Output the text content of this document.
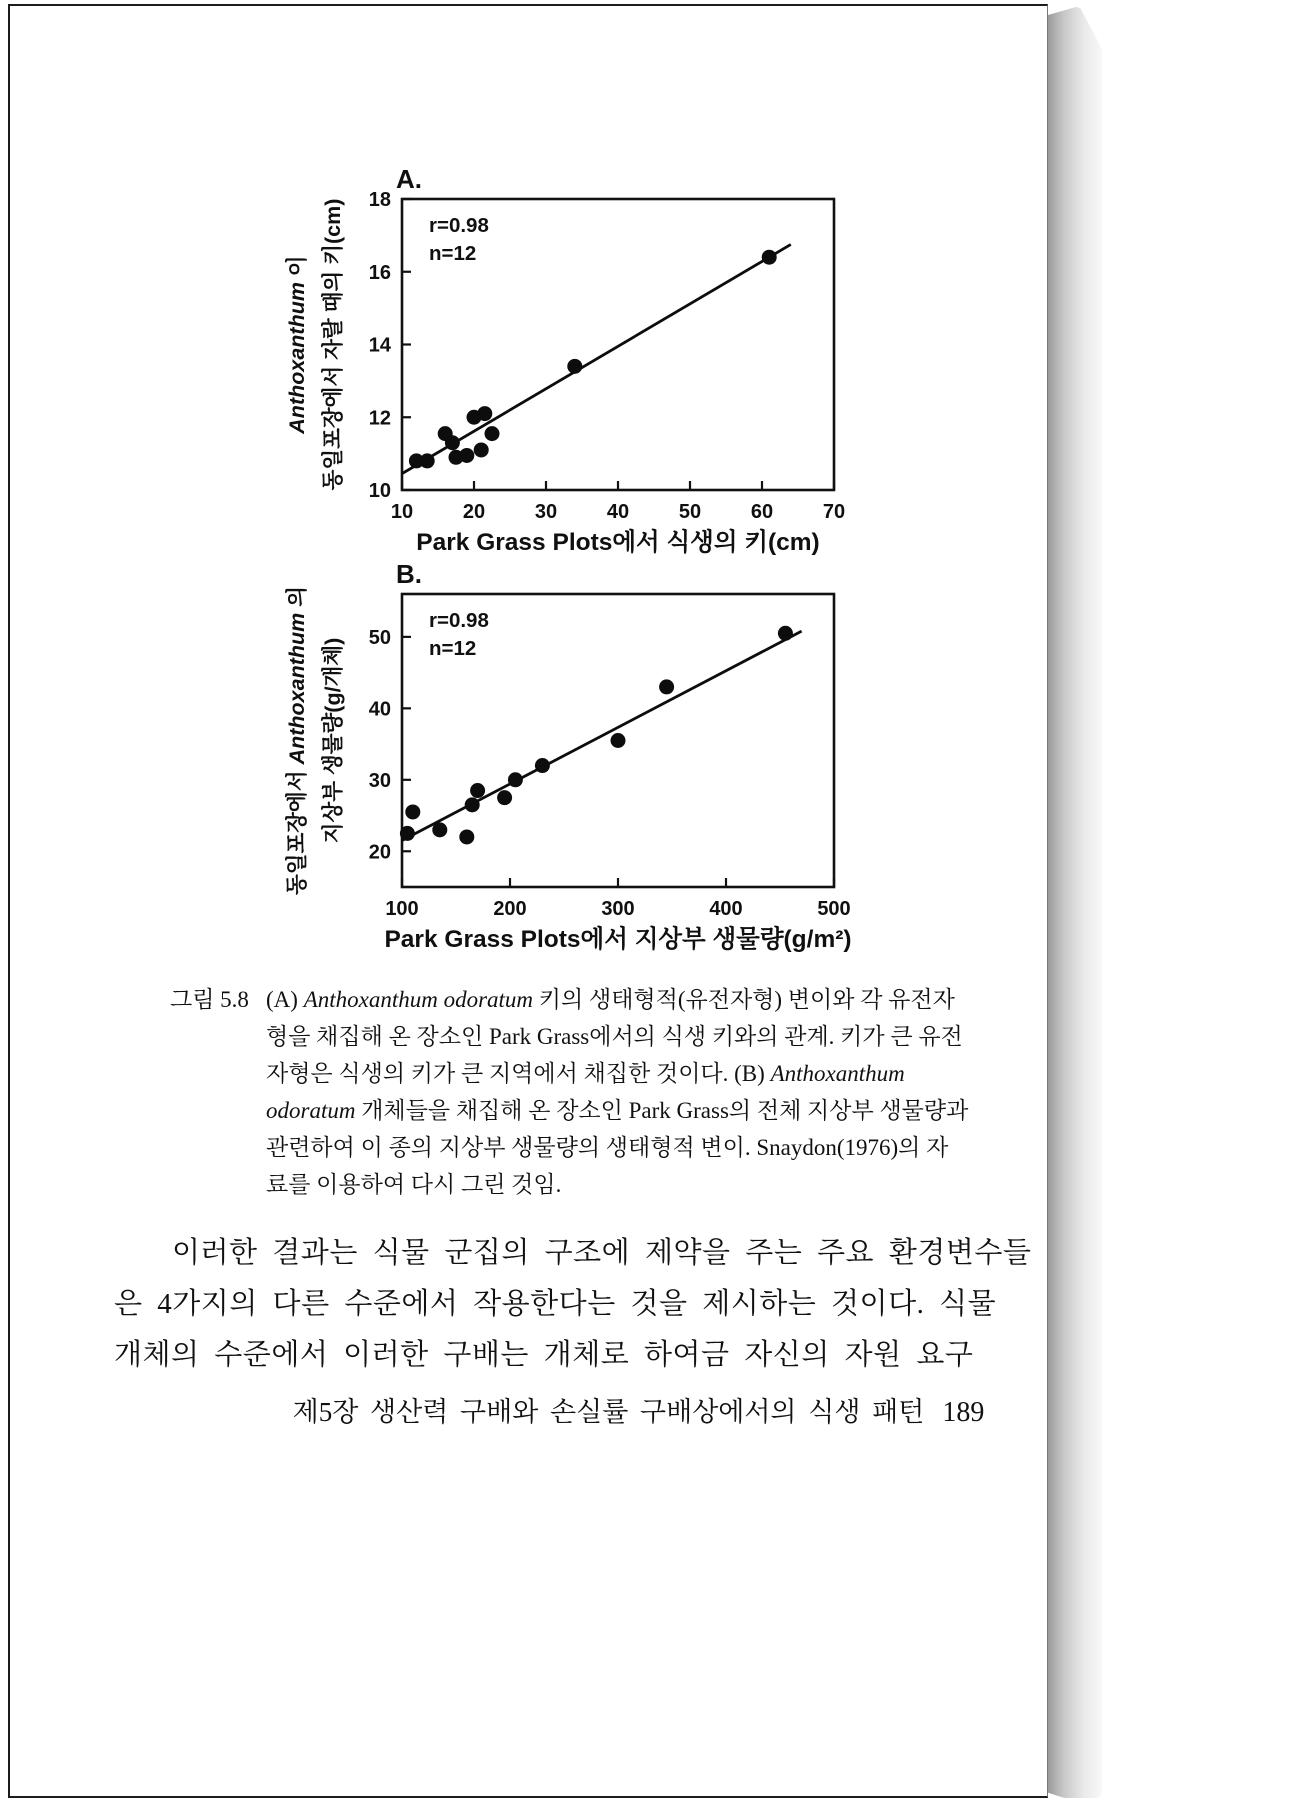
A.
10 20 30 40 50 60 70
10
12
14
16
18
r=0.98
n=12
Park Grass Plots에서 식생의 키(cm)
Anthoxanthum 이 동일포장에서 자랄 때의 키(cm)
B.
100	200	300	400	500
20
30
40
50
r=0.98
n=12
Park Grass Plots에서 지상부 생물량(g/m²)
동일포장에서 Anthoxanthum 의
지상부 생물량(g/개체)
그림 5.8 (A) Anthoxanthum odoratum 키의 생태형적(유전자형) 변이와 각 유전자
형을 채집해 온 장소인 Park Grass에서의 식생 키와의 관계. 키가 큰 유전
자형은 식생의 키가 큰 지역에서 채집한 것이다. (B) Anthoxanthum
odoratum 개체들을 채집해 온 장소인 Park Grass의 전체 지상부 생물량과
관련하여 이 종의 지상부 생물량의 생태형적 변이. Snaydon(1976)의 자
료를 이용하여 다시 그린 것임.
이러한 결과는 식물 군집의 구조에 제약을 주는 주요 환경변수들
은 4가지의 다른 수준에서 작용한다는 것을 제시하는 것이다. 식물
개체의 수준에서 이러한 구배는 개체로 하여금 자신의 자원 요구
제5장 생산력 구배와 손실률 구배상에서의 식생 패턴 189
